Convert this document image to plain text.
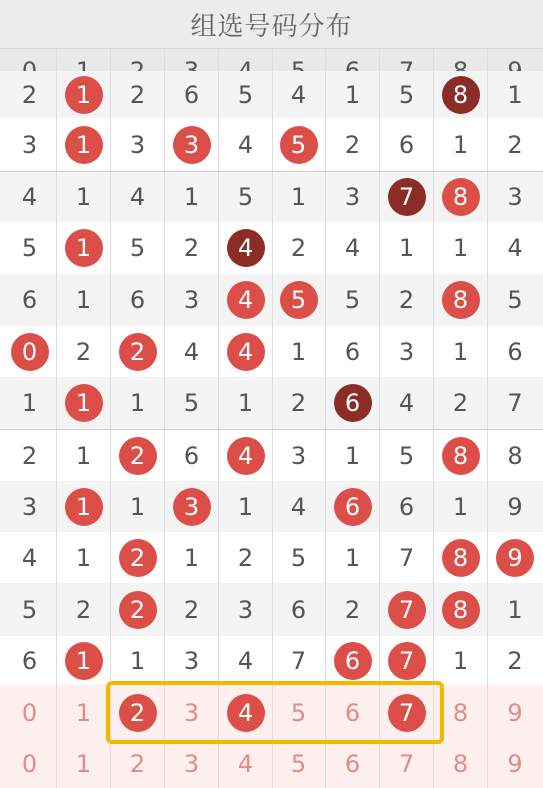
组选号码分布
2	1	2 6 5 4 1 5	8	1
3	1	3	3	4	5	2 6 1 2
4 1 4 1 5 1 3	7	8	3
5	1	5 2	4	2 4 1 1 4
6 1 6 3	4	5	5 2	8	5
0	2	2	4	4	1 6 3 1 6
1	1	1 5 1 2	6	4 2 7
2 1	2	6	4	3 1 5	8	8
3	1	1	3	1 4	6	6 1 9
4 1	2	1 2 5 1 7	8	9
5 2	2	2 3 6 2	7	8	1
6	1	1 3 4 7	6	7	1 2
0 1	2	3	4	5 6	7	8 9
0 1 2 3 4 5 6 7 8 9
